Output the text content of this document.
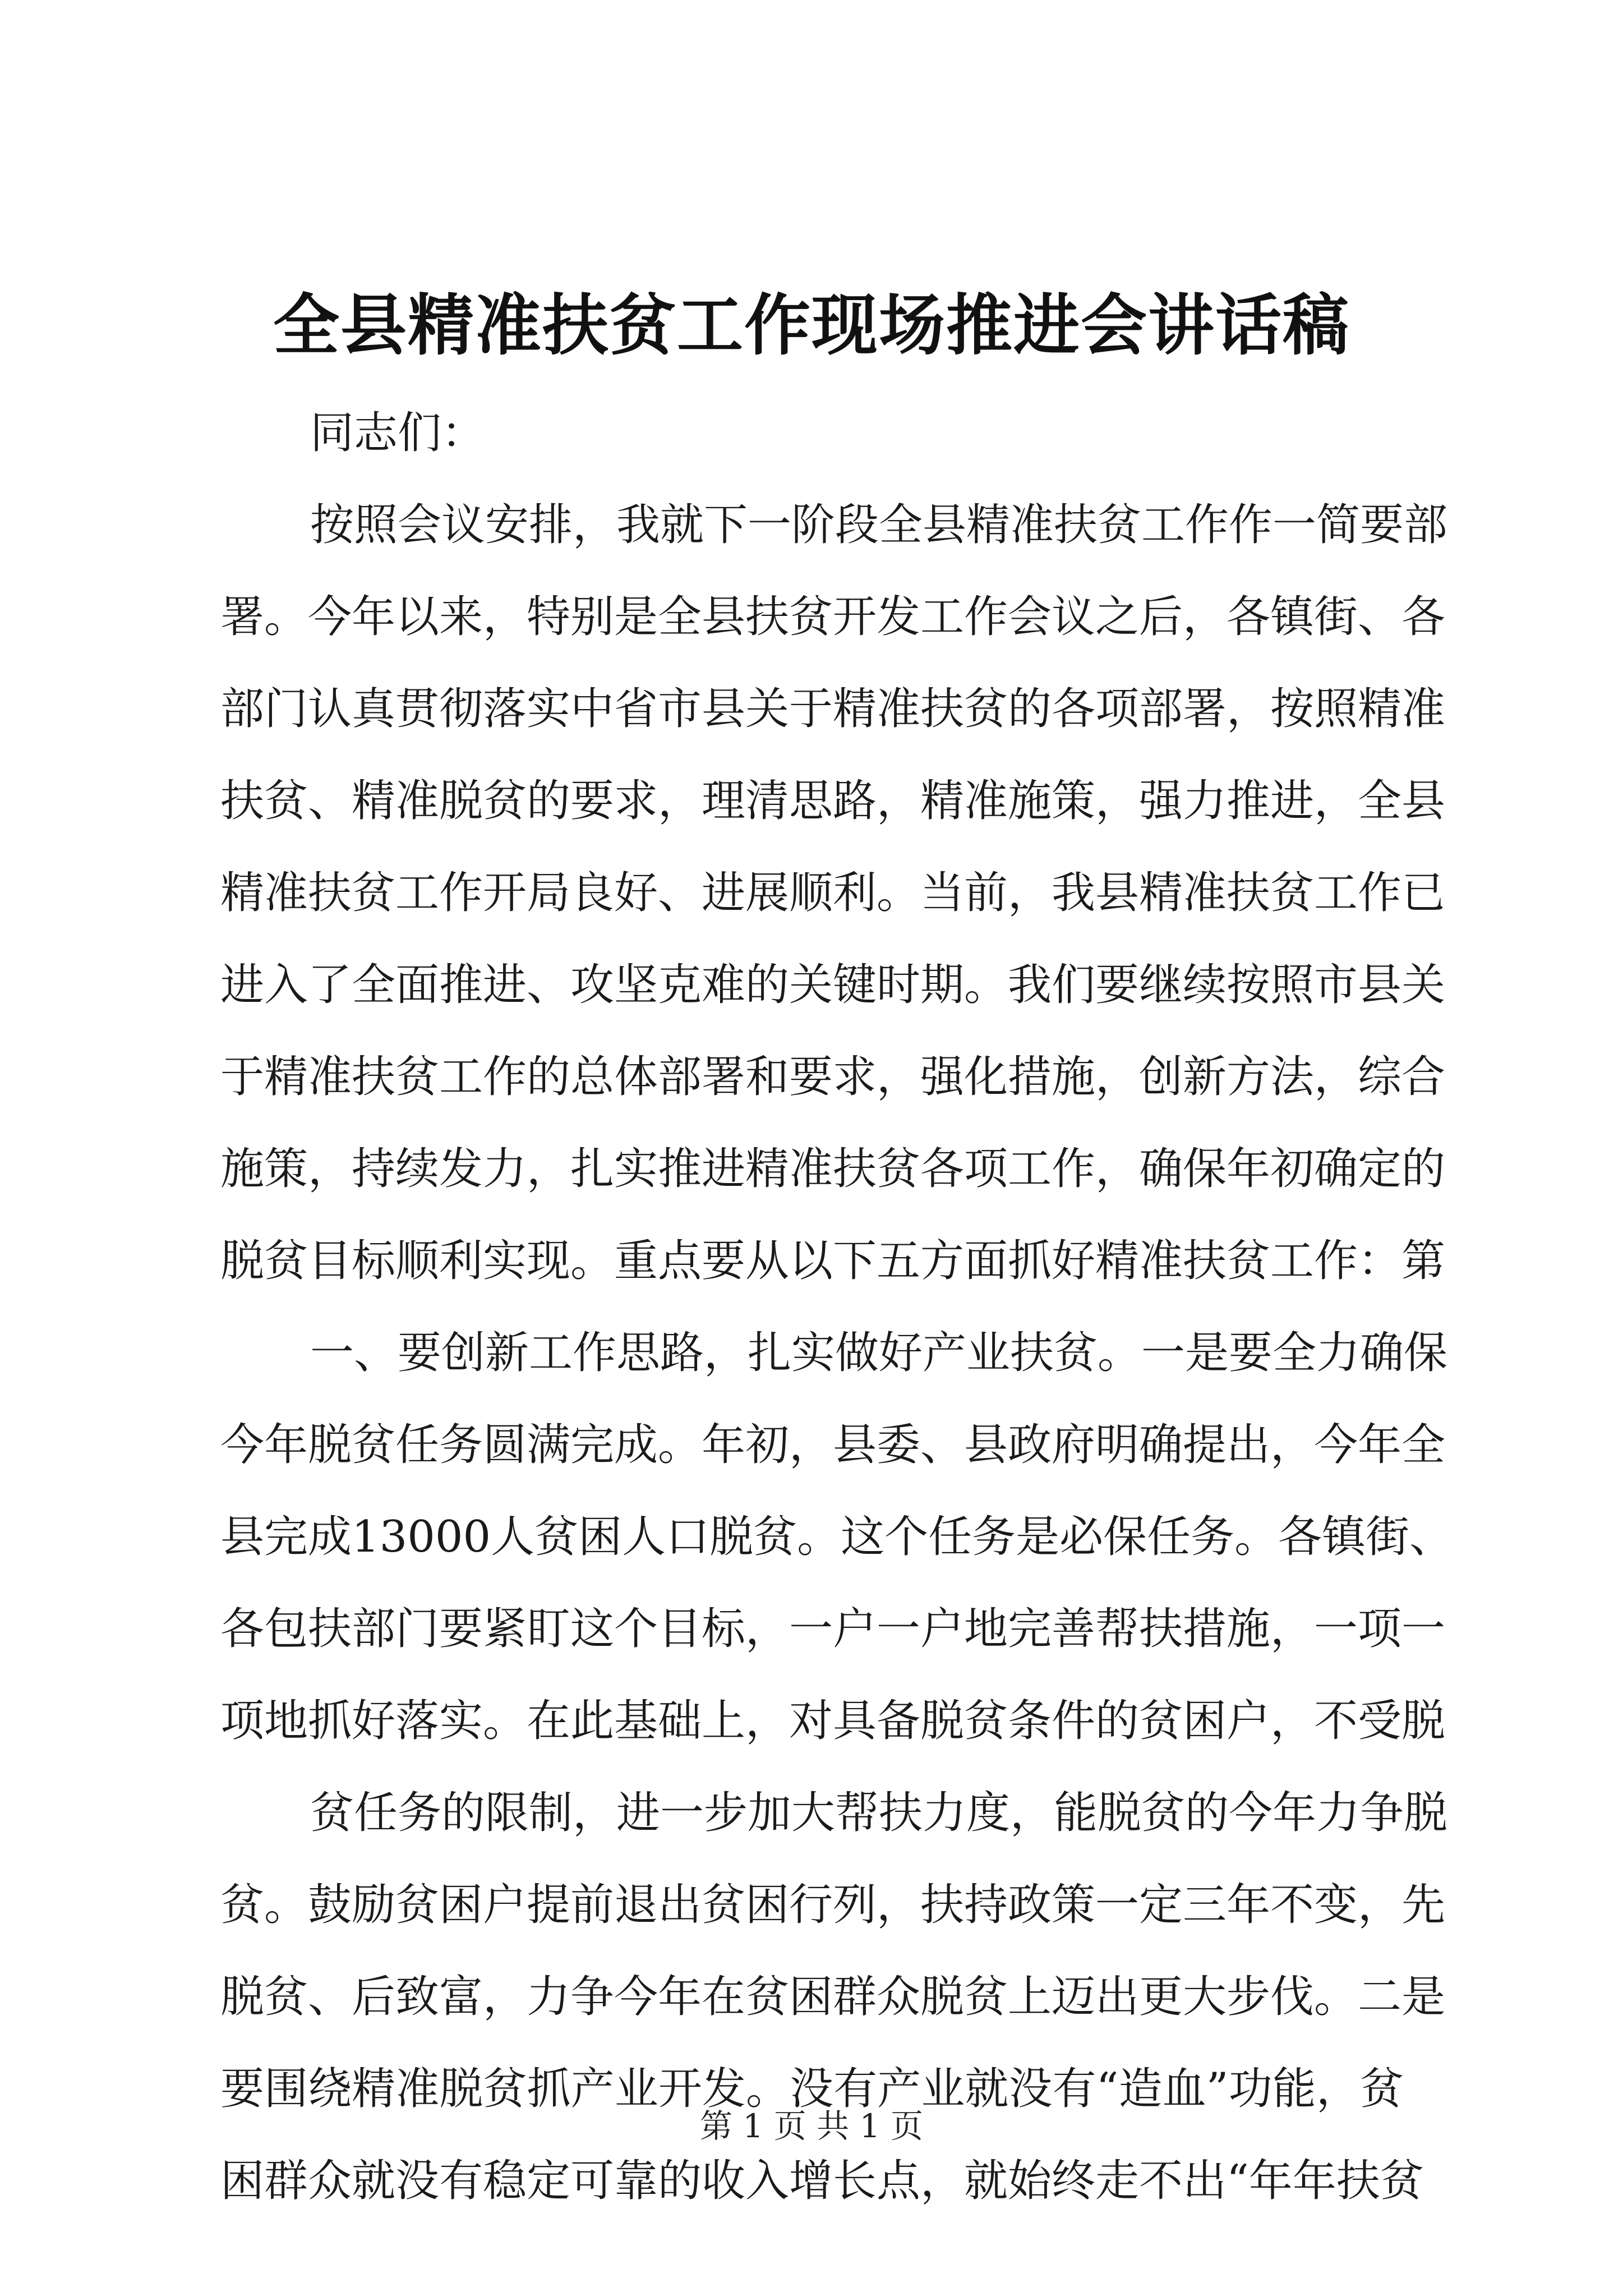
全县精准扶贫工作现场推进会讲话稿
同志们：
按照会议安排，我就下一阶段全县精准扶贫工作作一简要部
署。今年以来，特别是全县扶贫开发工作会议之后，各镇街、各
部门认真贯彻落实中省市县关于精准扶贫的各项部署，按照精准
扶贫、精准脱贫的要求，理清思路，精准施策，强力推进，全县
精准扶贫工作开局良好、进展顺利。当前，我县精准扶贫工作已
进入了全面推进、攻坚克难的关键时期。我们要继续按照市县关
于精准扶贫工作的总体部署和要求，强化措施，创新方法，综合
施策，持续发力，扎实推进精准扶贫各项工作，确保年初确定的
脱贫目标顺利实现。重点要从以下五方面抓好精准扶贫工作：第
一、要创新工作思路，扎实做好产业扶贫。一是要全力确保
今年脱贫任务圆满完成。年初，县委、县政府明确提出，今年全
县完成13000人贫困人口脱贫。这个任务是必保任务。各镇街、
各包扶部门要紧盯这个目标，一户一户地完善帮扶措施，一项一
项地抓好落实。在此基础上，对具备脱贫条件的贫困户，不受脱
贫任务的限制，进一步加大帮扶力度，能脱贫的今年力争脱
贫。鼓励贫困户提前退出贫困行列，扶持政策一定三年不变，先
脱贫、后致富，力争今年在贫困群众脱贫上迈出更大步伐。二是
要围绕精准脱贫抓产业开发。没有产业就没有“造血”功能，贫
困群众就没有稳定可靠的收入增长点，就始终走不出“年年扶贫
第 1 页 共 1 页
